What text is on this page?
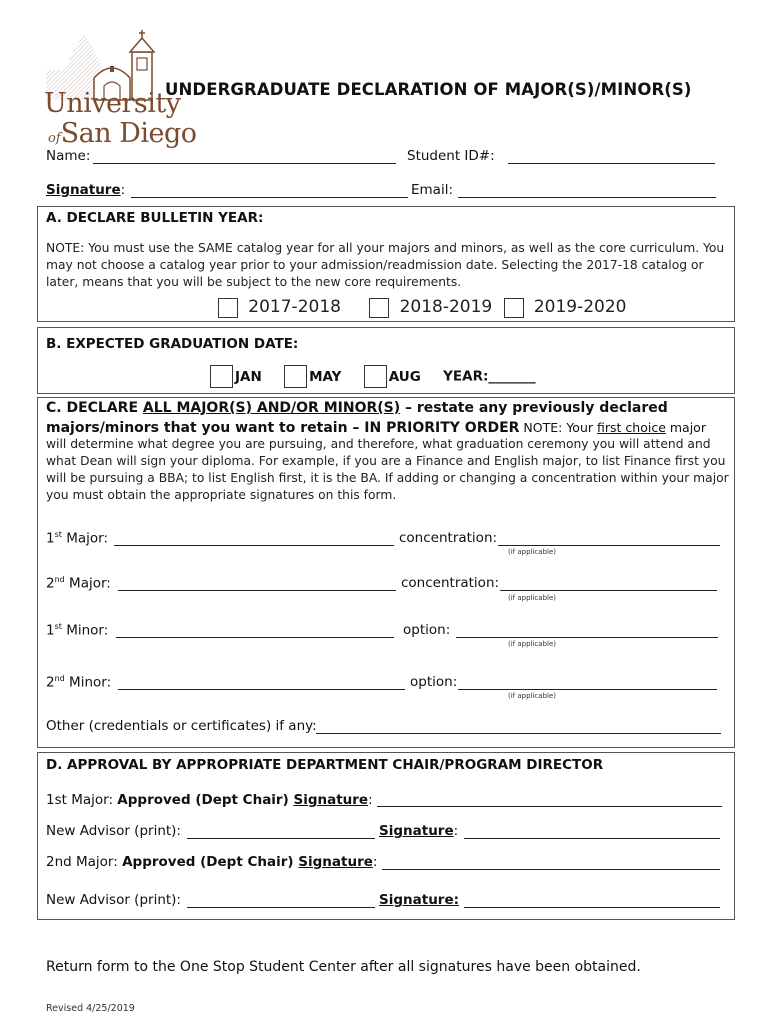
University
ofSan Diego
UNDERGRADUATE DECLARATION OF MAJOR(S)/MINOR(S)
Name:	Student ID#:
Signature:	Email:
A. DECLARE BULLETIN YEAR:
NOTE: You must use the SAME catalog year for all your majors and minors, as well as the core curriculum. You may not choose a catalog year prior to your admission/readmission date. Selecting the 2017-18 catalog or later, means that you will be subject to the new core requirements.
2017-2018	2018-2019 2019-2020
B. EXPECTED GRADUATION DATE:
JAN	MAY	AUG YEAR:_______
C. DECLARE ALL MAJOR(S) AND/OR MINOR(S) – restate any previously declared
majors/minors that you want to retain – IN PRIORITY ORDER NOTE: Your first choice major
will determine what degree you are pursuing, and therefore, what graduation ceremony you will attend and what Dean will sign your diploma. For example, if you are a Finance and English major, to list Finance first you will be pursuing a BBA; to list English first, it is the BA. If adding or changing a concentration within your major you must obtain the appropriate signatures on this form.
1st Major:	concentration:
(if applicable)
2nd Major:	concentration:
(if applicable)
1st Minor:	option:
(if applicable)
2nd Minor:	option:
(if applicable)
Other (credentials or certificates) if any:
D. APPROVAL BY APPROPRIATE DEPARTMENT CHAIR/PROGRAM DIRECTOR
1st Major: Approved (Dept Chair) Signature:
New Advisor (print):	Signature:
2nd Major: Approved (Dept Chair) Signature:
New Advisor (print):	Signature:
Return form to the One Stop Student Center after all signatures have been obtained.
Revised 4/25/2019
